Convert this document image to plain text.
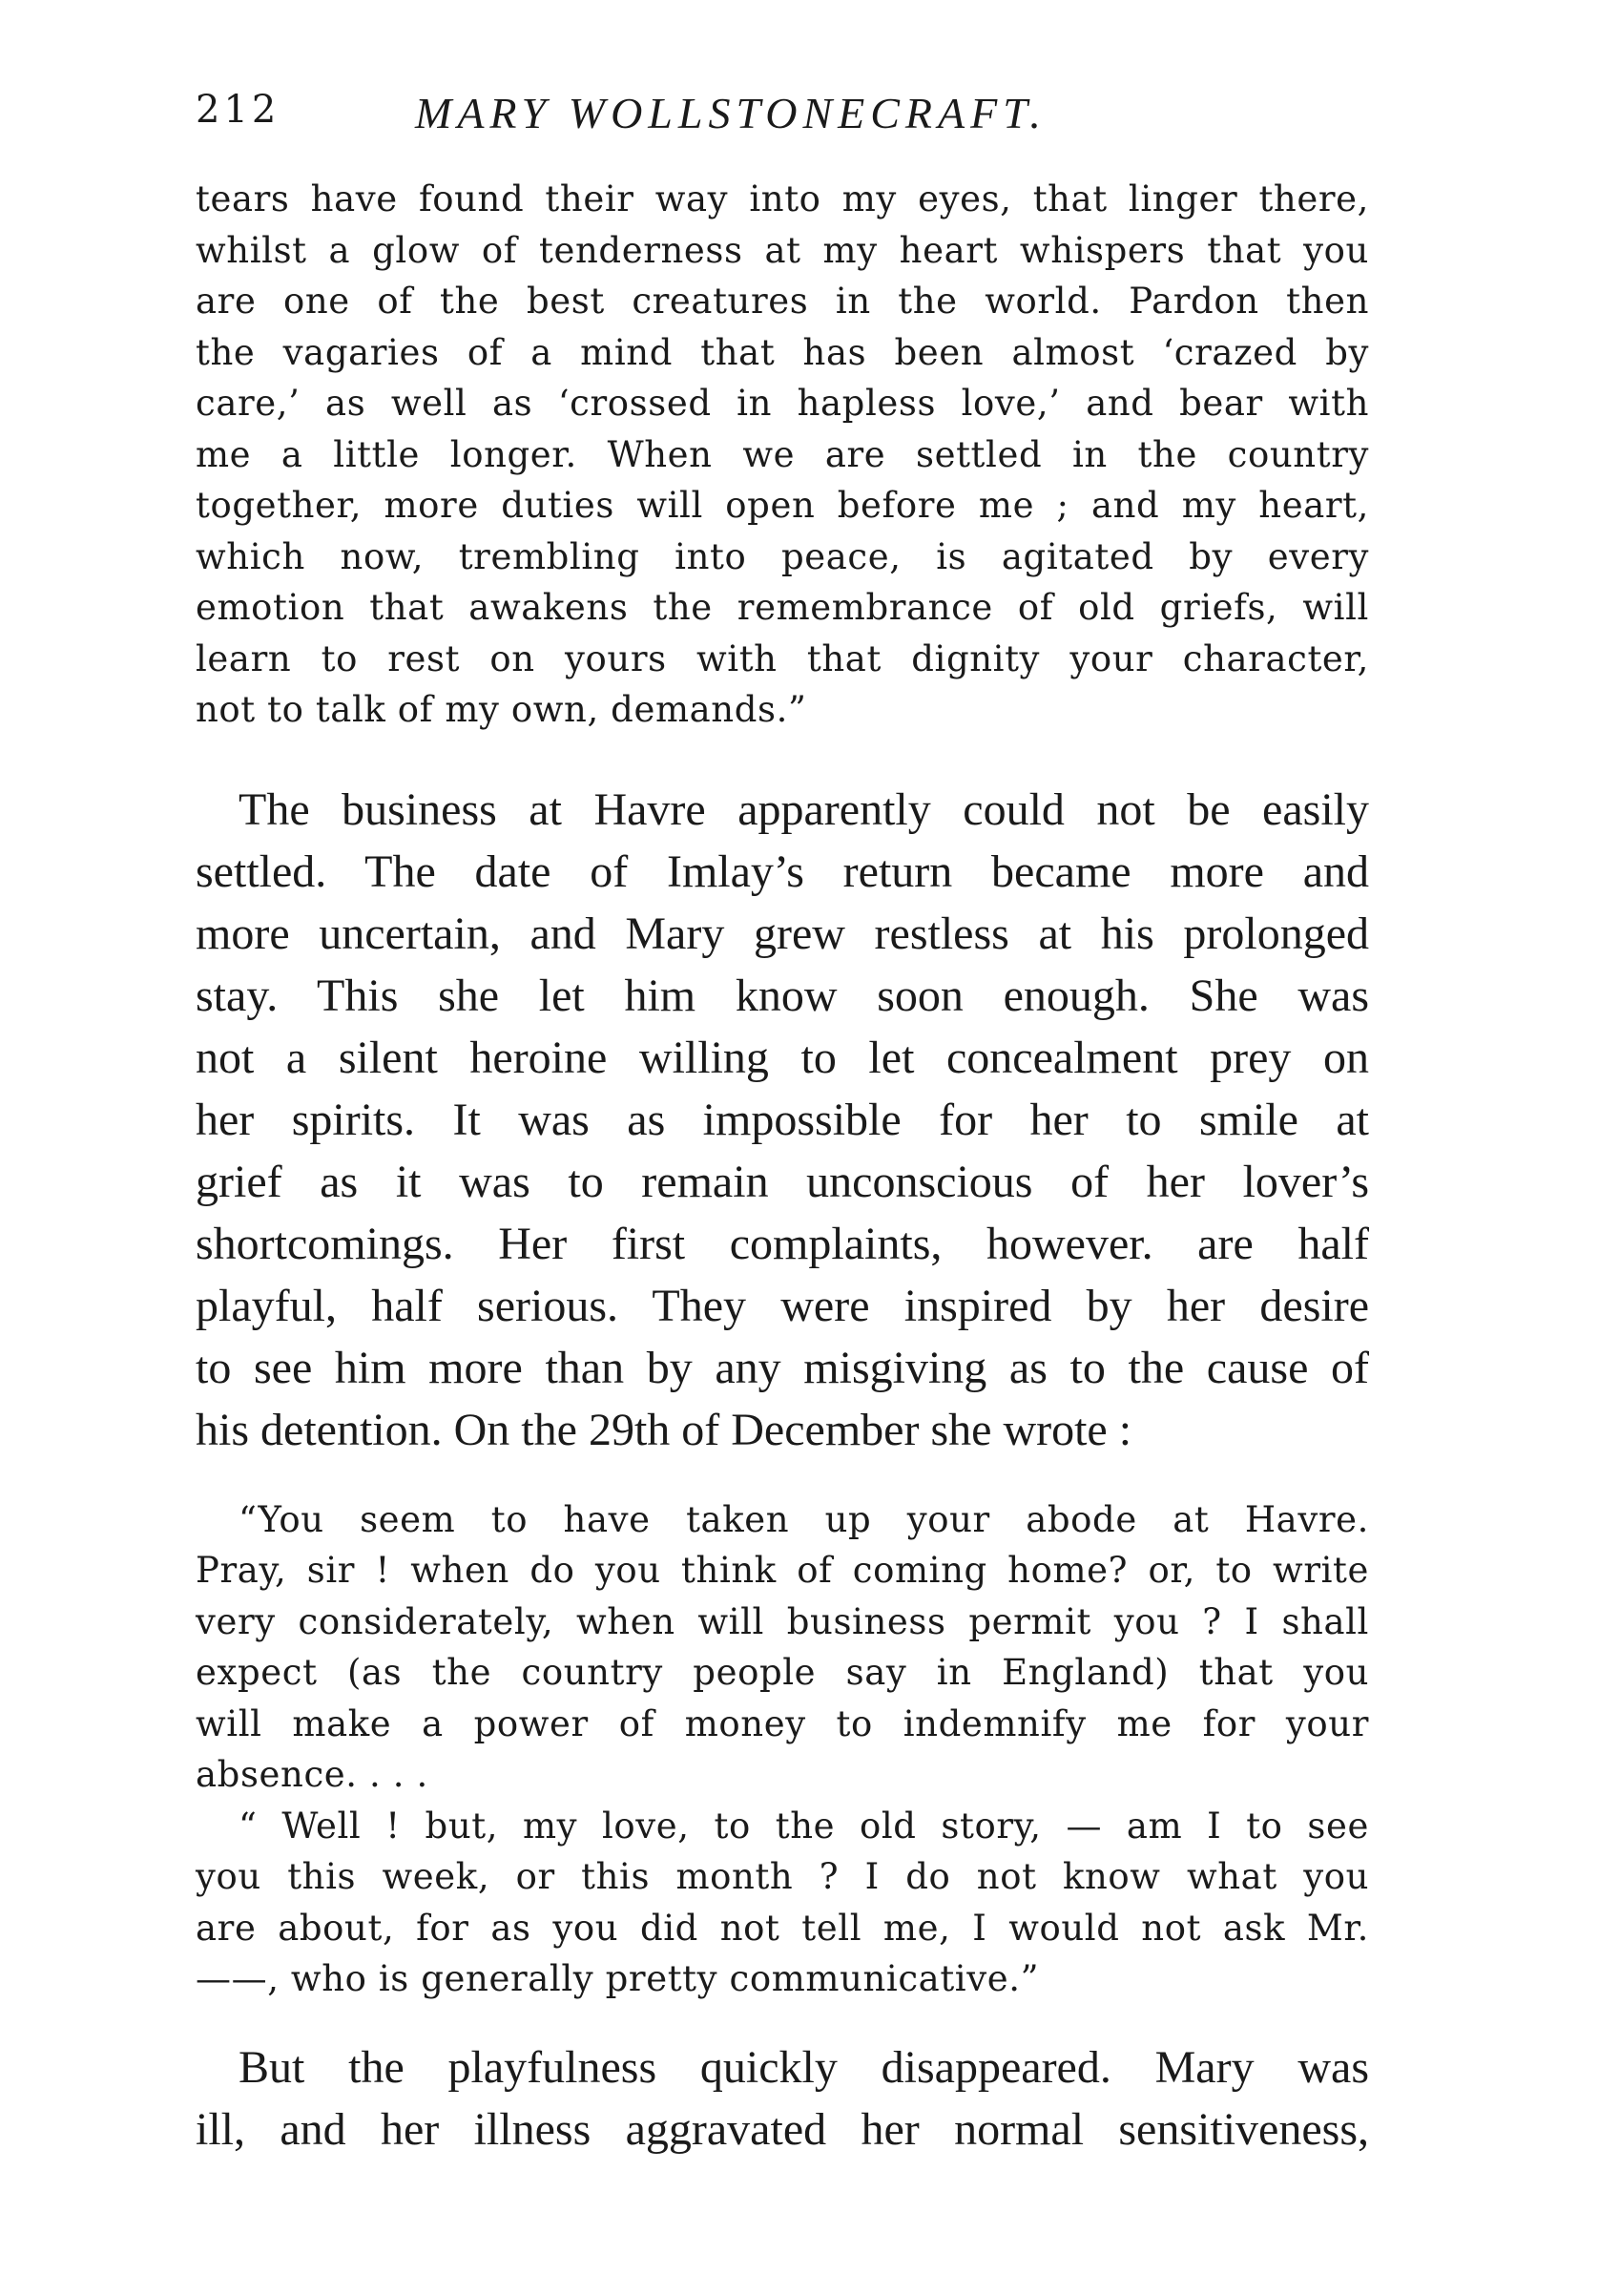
212	MARY WOLLSTONECRAFT.
tears have found their way into my eyes, that linger there,
whilst a glow of tenderness at my heart whispers that you
are one of the best creatures in the world. Pardon then
the vagaries of a mind that has been almost ‘crazed by
care,’ as well as ‘crossed in hapless love,’ and bear with
me a little longer. When we are settled in the country
together, more duties will open before me ; and my heart,
which now, trembling into peace, is agitated by every
emotion that awakens the remembrance of old griefs, will
learn to rest on yours with that dignity your character,
not to talk of my own, demands.”
The business at Havre apparently could not be easily
settled. The date of Imlay’s return became more and
more uncertain, and Mary grew restless at his prolonged
stay. This she let him know soon enough. She was
not a silent heroine willing to let concealment prey on
her spirits. It was as impossible for her to smile at
grief as it was to remain unconscious of her lover’s
shortcomings. Her first complaints, however. are half
playful, half serious. They were inspired by her desire
to see him more than by any misgiving as to the cause of
his detention. On the 29th of December she wrote :
“You seem to have taken up your abode at Havre.
Pray, sir ! when do you think of coming home? or, to write
very considerately, when will business permit you ? I shall
expect (as the country people say in England) that you
will make a power of money to indemnify me for your
absence. . . .
“ Well ! but, my love, to the old story, — am I to see
you this week, or this month ? I do not know what you
are about, for as you did not tell me, I would not ask Mr.
——, who is generally pretty communicative.”
But the playfulness quickly disappeared. Mary was
ill, and her illness aggravated her normal sensitiveness,
